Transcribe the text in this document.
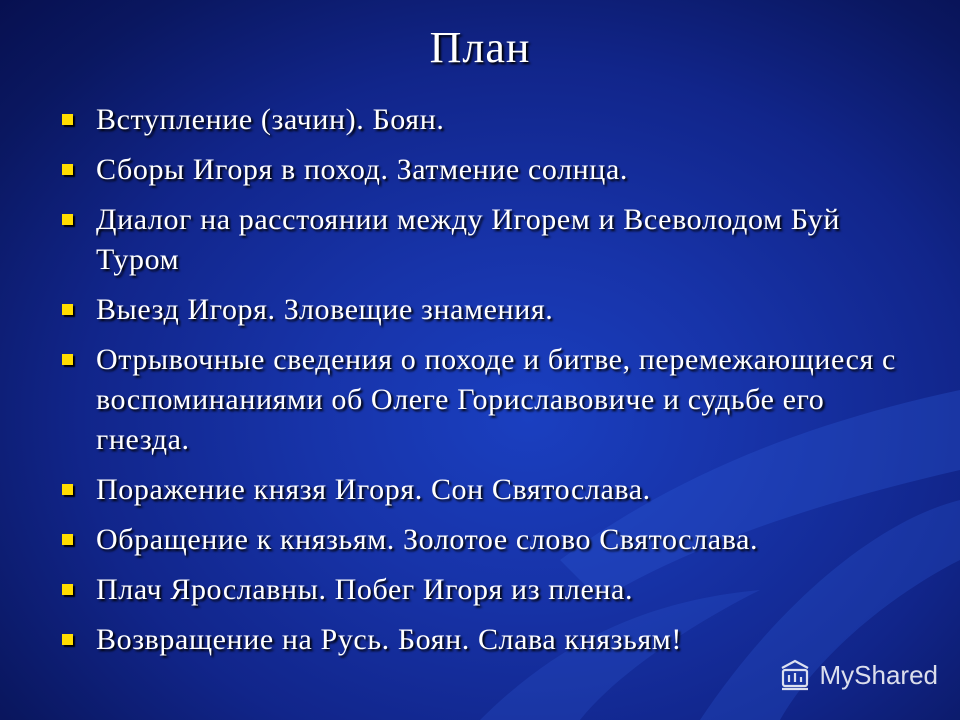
План
Вступление (зачин). Боян.
Сборы Игоря в поход. Затмение солнца.
Диалог на расстоянии между Игорем и Всеволодом Буй Туром
Выезд Игоря. Зловещие знамения.
Отрывочные сведения о походе и битве, перемежающиеся с воспоминаниями об Олеге Гориславовиче и судьбе его гнезда.
Поражение князя Игоря. Сон Святослава.
Обращение к князьям. Золотое слово Святослава.
Плач Ярославны. Побег Игоря из плена.
Возвращение на Русь. Боян. Слава князьям!
MyShared
